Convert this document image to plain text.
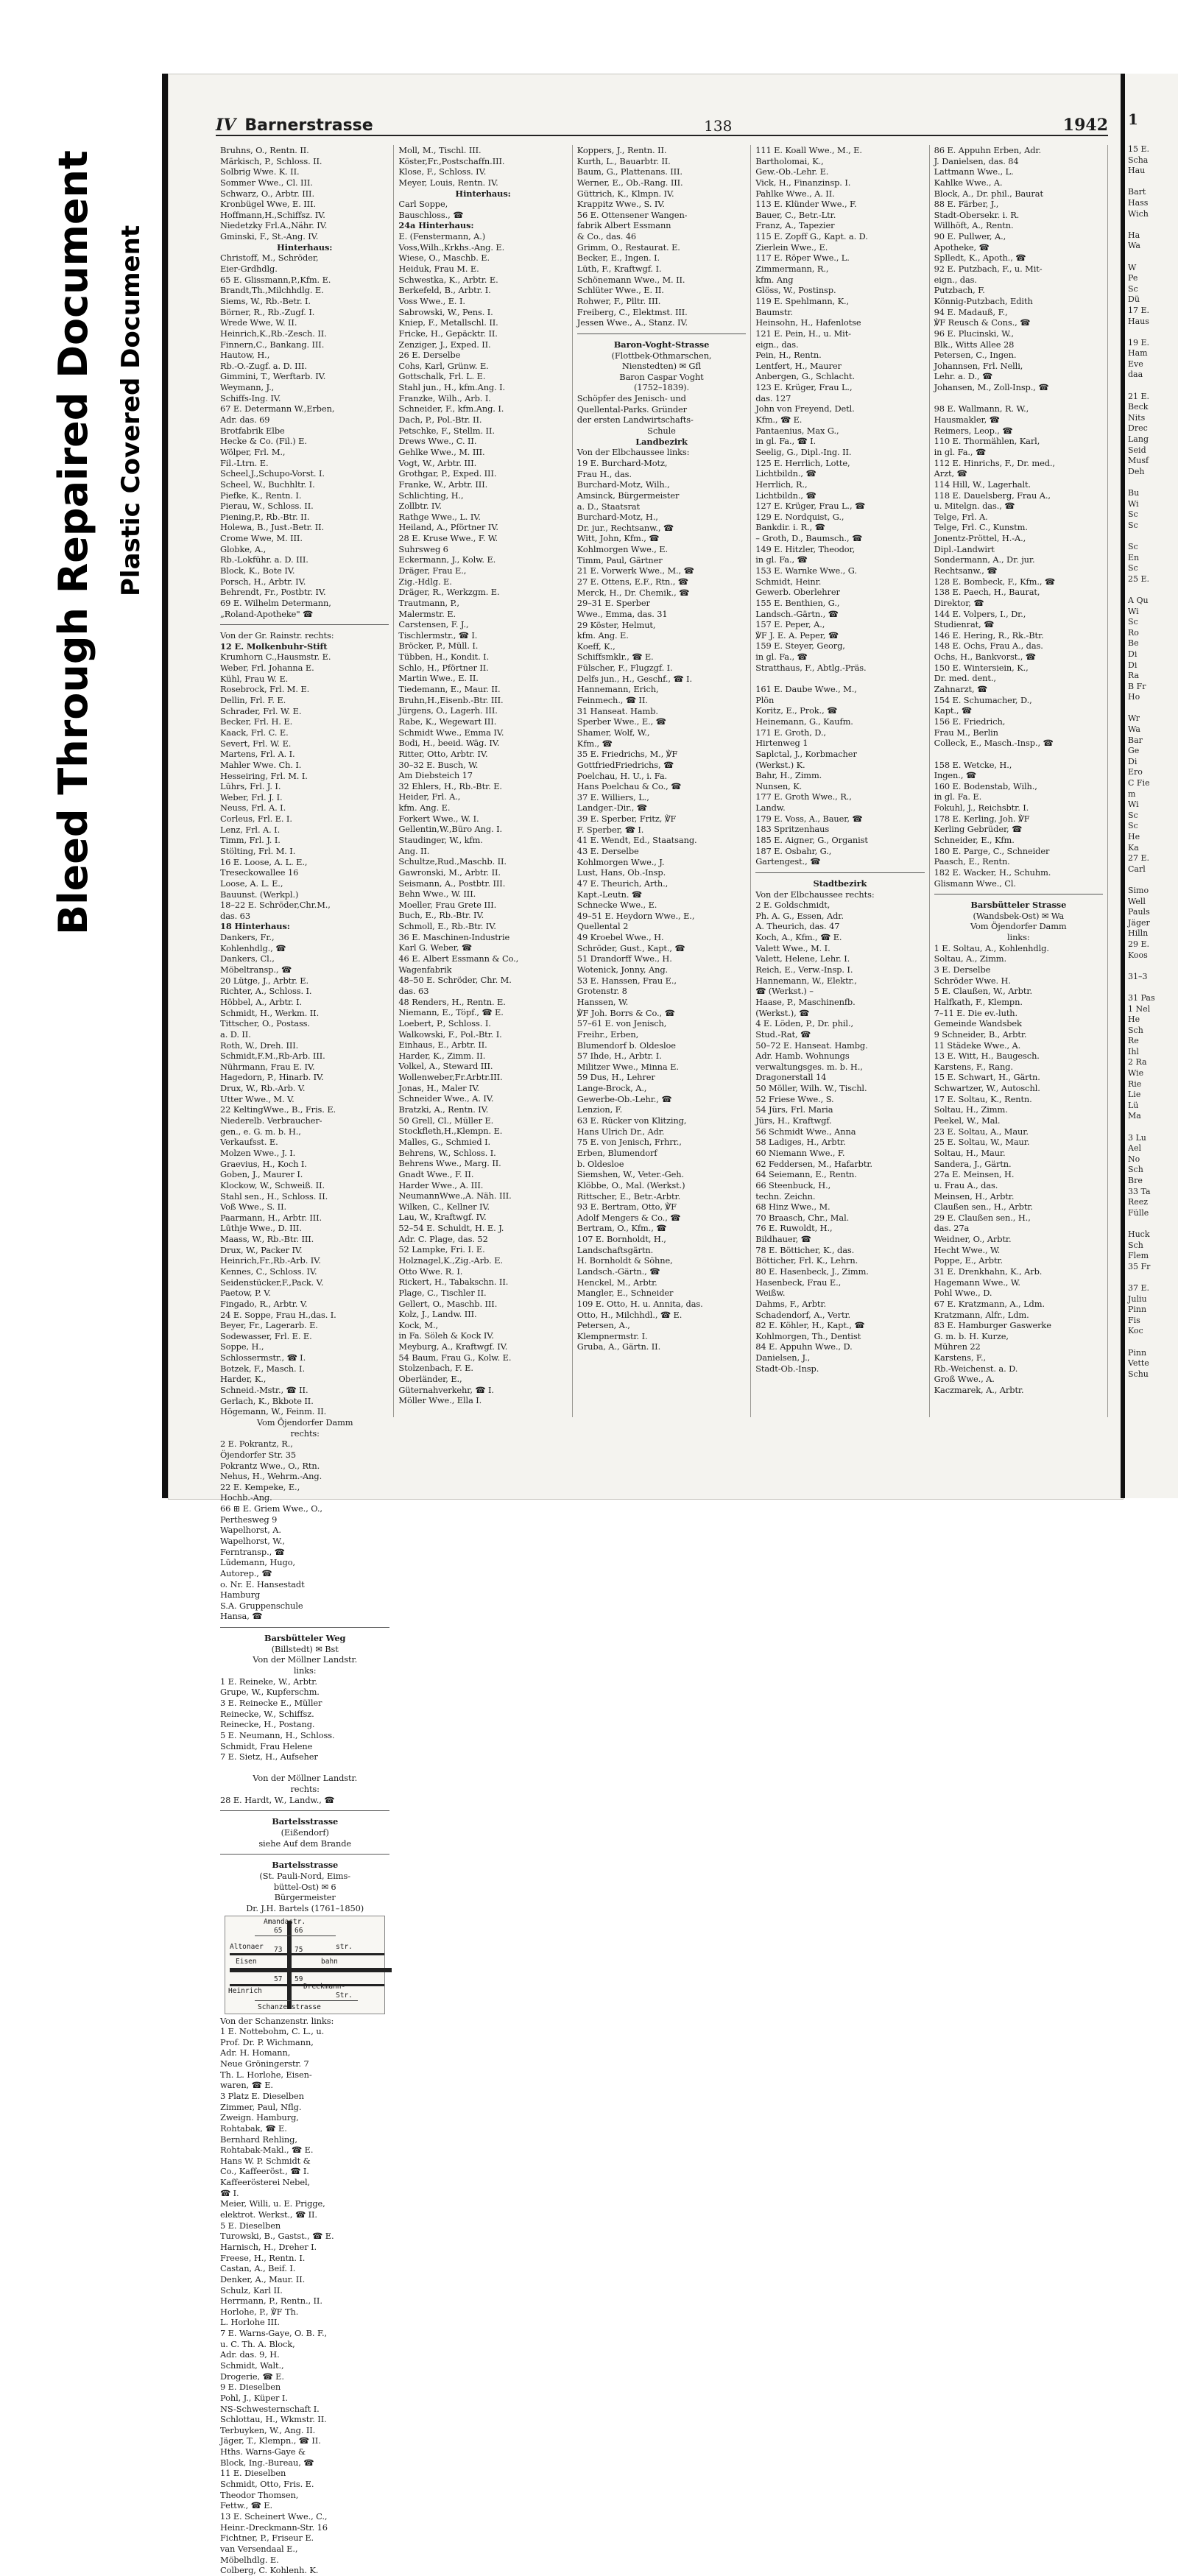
Bleed Through Repaired Document Plastic Covered Document
IV Barnerstrasse	138	1942
Bruhns, O., Rentn. II.
Märkisch, P., Schloss. II.
Solbrig Wwe. K. II.
Sommer Wwe., Cl. III.
Schwarz, O., Arbtr. III.
Kronbügel Wwe, E. III.
Hoffmann,H.,Schiffsz. IV.
Niedetzky Frl.A.,Nähr. IV.
Gminski, F., St.-Ang. IV.
Hinterhaus:
Christoff, M., Schröder,
Eier-Grdhdlg.
65 E. Glissmann,P.,Kfm. E.
Brandt,Th.,Milchhdlg. E.
Siems, W., Rb.-Betr. I.
Börner, R., Rb.-Zugf. I.
Wrede Wwe, W. II.
Heinrich,K.,Rb.-Zesch. II.
Finnern,C., Bankang. III.
Hautow, H.,
Rb.-O.-Zugf. a. D. III.
Gimmini, T., Werftarb. IV.
Weymann, J.,
Schiffs-Ing. IV.
67 E. Determann W.,Erben,
Adr. das. 69
Brotfabrik Elbe
Hecke & Co. (Fil.) E.
Wölper, Frl. M.,
Fil.-Ltrn. E.
Scheel,J.,Schupo-Vorst. I.
Scheel, W., Buchhltr. I.
Piefke, K., Rentn. I.
Pierau, W., Schloss. II.
Piening,P., Rb.-Btr. II.
Holewa, B., Just.-Betr. II.
Crome Wwe, M. III.
Globke, A.,
Rb.-Lokführ. a. D. III.
Block, K., Bote IV.
Porsch, H., Arbtr. IV.
Behrendt, Fr., Postbtr. IV.
69 E. Wilhelm Determann,
„Roland-Apotheke" ☎
Von der Gr. Rainstr. rechts:
12 E. Molkenbuhr-Stift
Krumhorn C.,Hausmstr. E.
Weber, Frl. Johanna E.
Kühl, Frau W. E.
Rosebrock, Frl. M. E.
Dellin, Frl. F. E.
Schrader, Frl. W. E.
Becker, Frl. H. E.
Kaack, Frl. C. E.
Severt, Frl. W. E.
Martens, Frl. A. I.
Mahler Wwe. Ch. I.
Hesseiring, Frl. M. I.
Lührs, Frl. J. I.
Weber, Frl. J. I.
Neuss, Frl. A. I.
Corleus, Frl. E. I.
Lenz, Frl. A. I.
Timm, Frl. J. I.
Stölting, Frl. M. I.
16 E. Loose, A. L. E.,
Treseckowallee 16
Loose, A. L. E.,
Bauunst. (Werkpl.)
18–22 E. Schröder,Chr.M.,
das. 63
18 Hinterhaus:
Dankers, Fr.,
Kohlenhdlg., ☎
Dankers, Cl.,
Möbeltransp., ☎
20 Lütge, J., Arbtr. E.
Richter, A., Schloss. I.
Höbbel, A., Arbtr. I.
Schmidt, H., Werkm. II.
Tittscher, O., Postass.
a. D. II.
Roth, W., Dreh. III.
Schmidt,F.M.,Rb-Arb. III.
Nührmann, Frau E. IV.
Hagedorn, P., Hinarb. IV.
Drux, W., Rb.-Arb. V.
Utter Wwe., M. V.
22 KeltingWwe., B., Fris. E.
Niederelb. Verbraucher-
gen., e. G. m. b. H.,
Verkaufsst. E.
Molzen Wwe., J. I.
Graevius, H., Koch I.
Goben, J., Maurer I.
Klockow, W., Schweiß. II.
Stahl sen., H., Schloss. II.
Voß Wwe., S. II.
Paarmann, H., Arbtr. III.
Lüthje Wwe., D. III.
Maass, W., Rb.-Btr. III.
Drux, W., Packer IV.
Heinrich,Fr.,Rb.-Arb. IV.
Kennes, C., Schloss. IV.
Seidenstücker,F.,Pack. V.
Paetow, P. V.
Fingado, R., Arbtr. V.
24 E. Soppe, Frau H.,das. I.
Beyer, Fr., Lagerarb. E.
Sodewasser, Frl. E. E.
Soppe, H.,
Schlossermstr., ☎ I.
Botzek, F., Masch. I.
Harder, K.,
Schneid.-Mstr., ☎ II.
Gerlach, K., Bkbote II.
Högemann, W., Feinm. II.
Moll, M., Tischl. III.
Köster,Fr.,Postschaffn.III.
Klose, F., Schloss. IV.
Meyer, Louis, Rentn. IV.
Hinterhaus:
Carl Soppe,
Bauschloss., ☎
24a Hinterhaus:
E. (Fenstermann, A.)
Voss,Wilh.,Krkhs.-Ang. E.
Wiese, O., Maschb. E.
Heiduk, Frau M. E.
Schwestka, K., Arbtr. E.
Berkefeld, B., Arbtr. I.
Voss Wwe., E. I.
Sabrowski, W., Pens. I.
Kniep, F., Metallschl. II.
Fricke, H., Gepäcktr. II.
Zenziger, J., Exped. II.
26 E. Derselbe
Cohs, Karl, Grünw. E.
Gottschalk, Frl. L. E.
Stahl jun., H., kfm.Ang. I.
Franzke, Wilh., Arb. I.
Schneider, F., kfm.Ang. I.
Dach, P., Pol.-Btr. II.
Petschke, F., Stellm. II.
Drews Wwe., C. II.
Gehlke Wwe., M. III.
Vogt, W., Arbtr. III.
Grothgar, P., Exped. III.
Franke, W., Arbtr. III.
Schlichting, H.,
Zollbtr. IV.
Rathge Wwe., L. IV.
Heiland, A., Pförtner IV.
28 E. Kruse Wwe., F. W.
Suhrsweg 6
Eckermann, J., Kolw. E.
Dräger, Frau E.,
Zig.-Hdlg. E.
Dräger, R., Werkzgm. E.
Trautmann, P.,
Malermstr. E.
Carstensen, F. J.,
Tischlermstr., ☎ I.
Bröcker, P., Müll. I.
Tübben, H., Kondit. I.
Schlo, H., Pförtner II.
Martin Wwe., E. II.
Tiedemann, E., Maur. II.
Bruhn,H.,Eisenb.-Btr. III.
Jürgens, O., Lagerh. III.
Rabe, K., Wegewart III.
Schmidt Wwe., Emma IV.
Bodi, H., beeid. Wäg. IV.
Ritter, Otto, Arbtr. IV.
30–32 E. Busch, W.
Am Diebsteich 17
32 Ehlers, H., Rb.-Btr. E.
Heider, Frl. A.,
kfm. Ang. E.
Forkert Wwe., W. I.
Gellentin,W.,Büro Ang. I.
Staudinger, W., kfm.
Ang. II.
Schultze,Rud.,Maschb. II.
Gawronski, M., Arbtr. II.
Seismann, A., Postbtr. III.
Behn Wwe., W. III.
Moeller, Frau Grete III.
Buch, E., Rb.-Btr. IV.
Schmoll, E., Rb.-Btr. IV.
36 E. Maschinen-Industrie
Karl G. Weber, ☎
46 E. Albert Essmann & Co.,
Wagenfabrik
48–50 E. Schröder, Chr. M.
das. 63
48 Renders, H., Rentn. E.
Niemann, E., Töpf., ☎ E.
Loebert, P., Schloss. I.
Walkowski, F., Pol.-Btr. I.
Einhaus, E., Arbtr. II.
Harder, K., Zimm. II.
Volkel, A., Steward III.
Wollenweber,Fr.Arbtr.III.
Jonas, H., Maler IV.
Schneider Wwe., A. IV.
Bratzki, A., Rentn. IV.
50 Grell, Cl., Müller E.
Stockfleth,H.,Klempn. E.
Malles, G., Schmied I.
Behrens, W., Schloss. I.
Behrens Wwe., Marg. II.
Gnadt Wwe., F. II.
Harder Wwe., A. III.
NeumannWwe.,A. Näh. III.
Wilken, C., Kellner IV.
Lau, W., Kraftwgf. IV.
52–54 E. Schuldt, H. E. J.
Adr. C. Plage, das. 52
52 Lampke, Fri. I. E.
Holznagel,K.,Zig.-Arb. E.
Otto Wwe. R. I.
Rickert, H., Tabakschn. II.
Plage, C., Tischler II.
Gellert, O., Maschb. III.
Kolz, J., Landw. III.
Kock, M.,
in Fa. Söleh & Kock IV.
Meyburg, A., Kraftwgf. IV.
54 Baum, Frau G., Kolw. E.
Stolzenbach, F. E.
Oberländer, E.,
Güternahverkehr, ☎ I.
Möller Wwe., Ella I.
Koppers, J., Rentn. II.
Kurth, L., Bauarbtr. II.
Baum, G., Plattenans. III.
Werner, E., Ob.-Rang. III.
Güttrich, K., Klmpn. IV.
Krappitz Wwe., S. IV.
56 E. Ottensener Wangen-
fabrik Albert Essmann
& Co., das. 46
Grimm, O., Restaurat. E.
Becker, E., Ingen. I.
Lüth, F., Kraftwgf. I.
Schönemann Wwe., M. II.
Schlüter Wwe., E. II.
Rohwer, F., Plltr. III.
Freiberg, C., Elektmst. III.
Jessen Wwe., A., Stanz. IV.
Baron-Voght-Strasse
(Flottbek-Othmarschen,
Nienstedten) ✉ Gfl
Baron Caspar Voght
(1752–1839).
Schöpfer des Jenisch- und
Quellental-Parks. Gründer
der ersten Landwirtschafts-
Schule
Landbezirk
Von der Elbchaussee links:
19 E. Burchard-Motz,
Frau H., das.
Burchard-Motz, Wilh.,
Amsinck, Bürgermeister
a. D., Staatsrat
Burchard-Motz, H.,
Dr. jur., Rechtsanw., ☎
Witt, John, Kfm., ☎
Kohlmorgen Wwe., E.
Timm, Paul, Gärtner
21 E. Vorwerk Wwe., M., ☎
27 E. Ottens, E.F., Rtn., ☎
Merck, H., Dr. Chemik., ☎
29–31 E. Sperber
Wwe., Emma, das. 31
29 Köster, Helmut,
kfm. Ang. E.
Koeff, K.,
Schiffsmklr., ☎ E.
Fülscher, F., Flugzgf. I.
Delfs jun., H., Geschf., ☎ I.
Hannemann, Erich,
Feinmech., ☎ II.
31 Hanseat. Hamb.
Sperber Wwe., E., ☎
Shamer, Wolf, W.,
Kfm., ☎
35 E. Friedrichs, M., ℣F
GottfriedFriedrichs, ☎
Poelchau, H. U., i. Fa.
Hans Poelchau & Co., ☎
37 E. Williers, L.,
Landger.-Dir., ☎
39 E. Sperber, Fritz, ℣F
F. Sperber, ☎ I.
41 E. Wendt, Ed., Staatsang.
43 E. Derselbe
Kohlmorgen Wwe., J.
Lust, Hans, Ob.-Insp.
47 E. Theurich, Arth.,
Kapt.-Leutn. ☎
Schnecke Wwe., E.
49–51 E. Heydorn Wwe., E.,
Quellental 2
49 Kroebel Wwe., H.
Schröder, Gust., Kapt., ☎
51 Drandorff Wwe., H.
Wotenick, Jonny, Ang.
53 E. Hanssen, Frau E.,
Grotenstr. 8
Hanssen, W.
℣F Joh. Borrs & Co., ☎
57–61 E. von Jenisch,
Freihr., Erben,
Blumendorf b. Oldesloe
57 Ihde, H., Arbtr. I.
Militzer Wwe., Minna E.
59 Dus, H., Lehrer
Lange-Brock, A.,
Gewerbe-Ob.-Lehr., ☎
Lenzion, F.
63 E. Rücker von Klitzing,
Hans Ulrich Dr., Adr.
75 E. von Jenisch, Frhrr.,
Erben, Blumendorf
b. Oldesloe
Siemshen, W., Veter.-Geh.
Klöbbe, O., Mal. (Werkst.)
Rittscher, E., Betr.-Arbtr.
93 E. Bertram, Otto, ℣F
Adolf Mengers & Co., ☎
Bertram, O., Kfm., ☎
107 E. Bornholdt, H.,
Landschaftsgärtn.
H. Bornholdt & Söhne,
Landsch.-Gärtn., ☎
Henckel, M., Arbtr.
Mangler, E., Schneider
109 E. Otto, H. u. Annita, das.
Otto, H., Milchhdl., ☎ E.
Petersen, A.,
Klempnermstr. I.
Gruba, A., Gärtn. II.
111 E. Koall Wwe., M., E.
Bartholomai, K.,
Gew.-Ob.-Lehr. E.
Vick, H., Finanzinsp. I.
Pahlke Wwe., A. II.
113 E. Klünder Wwe., F.
Bauer, C., Betr.-Ltr.
Franz, A., Tapezier
115 E. Zopff G., Kapt. a. D.
Zierlein Wwe., E.
117 E. Röper Wwe., L.
Zimmermann, R.,
kfm. Ang
Glöss, W., Postinsp.
119 E. Spehlmann, K.,
Baumstr.
Heinsohn, H., Hafenlotse
121 E. Pein, H., u. Mit-
eign., das.
Pein, H., Rentn.
Lentfert, H., Maurer
Anbergen, G., Schlacht.
123 E. Krüger, Frau L.,
das. 127
John von Freyend, Detl.
Kfm., ☎ E.
Pantaenius, Max G.,
in gl. Fa., ☎ I.
Seelig, G., Dipl.-Ing. II.
125 E. Herrlich, Lotte,
Lichtbildn., ☎
Herrlich, R.,
Lichtbildn., ☎
127 E. Krüger, Frau L., ☎
129 E. Nordquist, G.,
Bankdir. i. R., ☎
– Groth, D., Baumsch., ☎
149 E. Hitzler, Theodor,
in gl. Fa., ☎
153 E. Warnke Wwe., G.
Schmidt, Heinr.
Gewerb. Oberlehrer
155 E. Benthien, G.,
Landsch.-Gärtn., ☎
157 E. Peper, A.,
℣F J. E. A. Peper, ☎
159 E. Steyer, Georg,
in gl. Fa., ☎
Stratthaus, F., Abtlg.-Präs.
161 E. Daube Wwe., M.,
Plön
Koritz, E., Prok., ☎
Heinemann, G., Kaufm.
171 E. Groth, D.,
Hirtenweg 1
Saplctal, J., Korbmacher
(Werkst.) K.
Bahr, H., Zimm.
Nunsen, K.
177 E. Groth Wwe., R.,
Landw.
179 E. Voss, A., Bauer, ☎
183 Spritzenhaus
185 E. Aigner, G., Organist
187 E. Osbahr, G.,
Gartengest., ☎
Stadtbezirk
Von der Elbchaussee rechts:
2 E. Goldschmidt,
Ph. A. G., Essen, Adr.
A. Theurich, das. 47
Koch, A., Kfm., ☎ E.
Valett Wwe., M. I.
Valett, Helene, Lehr. I.
Reich, E., Verw.-Insp. I.
Hannemann, W., Elektr.,
☎ (Werkst.) –
Haase, P., Maschinenfb.
(Werkst.), ☎
4 E. Löden, P., Dr. phil.,
Stud.-Rat, ☎
50–72 E. Hanseat. Hambg.
Adr. Hamb. Wohnungs
verwaltungsges. m. b. H.,
Dragonerstall 14
50 Möller, Wilh. W., Tischl.
52 Friese Wwe., S.
54 Jürs, Frl. Maria
Jürs, H., Kraftwgf.
56 Schmidt Wwe., Anna
58 Ladiges, H., Arbtr.
60 Niemann Wwe., F.
62 Feddersen, M., Hafarbtr.
64 Seiemann, E., Rentn.
66 Steenbuck, H.,
techn. Zeichn.
68 Hinz Wwe., M.
70 Braasch, Chr., Mal.
76 E. Ruwoldt, H.,
Bildhauer, ☎
78 E. Bötticher, K., das.
Bötticher, Frl. K., Lehrn.
80 E. Hasenbeck, J., Zimm.
Hasenbeck, Frau E.,
Weißw.
Dahms, F., Arbtr.
Schadendorf, A., Vertr.
82 E. Köhler, H., Kapt., ☎
Kohlmorgen, Th., Dentist
84 E. Appuhn Wwe., D.
Danielsen, J.,
Stadt-Ob.-Insp.
86 E. Appuhn Erben, Adr.
J. Danielsen, das. 84
Lattmann Wwe., L.
Kahlke Wwe., A.
Block, A., Dr. phil., Baurat
88 E. Färber, J.,
Stadt-Obersekr. i. R.
Willhöft, A., Rentn.
90 E. Pullwer, A.,
Apotheke, ☎
Splledt, K., Apoth., ☎
92 E. Putzbach, F., u. Mit-
eign., das.
Putzbach, F.
Könnig-Putzbach, Edith
94 E. Madauß, F.,
℣F Reusch & Cons., ☎
96 E. Plucinski, W.,
Blk., Witts Allee 28
Petersen, C., Ingen.
Johannsen, Frl. Nelli,
Lehr. a. D., ☎
Johansen, M., Zoll-Insp., ☎
98 E. Wallmann, R. W.,
Hausmakler, ☎
Reimers, Leop., ☎
110 E. Thormählen, Karl,
in gl. Fa., ☎
112 E. Hinrichs, F., Dr. med.,
Arzt, ☎
114 Hill, W., Lagerhalt.
118 E. Dauelsberg, Frau A.,
u. Mitelgn. das., ☎
Telge, Frl. A.
Telge, Frl. C., Kunstm.
Jonentz-Pröttel, H.-A.,
Dipl.-Landwirt
Sondermann, A., Dr. jur.
Rechtsanw., ☎
128 E. Bombeck, F., Kfm., ☎
138 E. Paech, H., Baurat,
Direktor, ☎
144 E. Volpers, I., Dr.,
Studienrat, ☎
146 E. Hering, R., Rk.-Btr.
148 E. Ochs, Frau A., das.
Ochs, H., Bankvorst., ☎
150 E. Wintersiein, K.,
Dr. med. dent.,
Zahnarzt, ☎
154 E. Schumacher, D.,
Kapt., ☎
156 E. Friedrich,
Frau M., Berlin
Colleck, E., Masch.-Insp., ☎
158 E. Wetcke, H.,
Ingen., ☎
160 E. Bodenstab, Wilh.,
in gl. Fa. E.
Fokuhl, J., Reichsbtr. I.
178 E. Kerling, Joh. ℣F
Kerling Gebrüder, ☎
Schneider, E., Kfm.
180 E. Parge, C., Schneider
Paasch, E., Rentn.
182 E. Wacker, H., Schuhm.
Glismann Wwe., Cl.
Barsbütteler Strasse
(Wandsbek-Ost) ✉ Wa
Vom Öjendorfer Damm
links:
1 E. Soltau, A., Kohlenhdlg.
Soltau, A., Zimm.
3 E. Derselbe
Schröder Wwe. H.
5 E. Claußen, W., Arbtr.
Halfkath, F., Klempn.
7–11 E. Die ev.-luth.
Gemeinde Wandsbek
9 Schneider, B., Arbtr.
11 Städeke Wwe., A.
13 E. Witt, H., Baugesch.
Karstens, F., Rang.
15 E. Schwart, H., Gärtn.
Schwartzer, W., Autoschl.
17 E. Soltau, K., Rentn.
Soltau, H., Zimm.
Peekel, W., Mal.
23 E. Soltau, A., Maur.
25 E. Soltau, W., Maur.
Soltau, H., Maur.
Sandera, J., Gärtn.
27a E. Meinsen, H.
u. Frau A., das.
Meinsen, H., Arbtr.
Claußen sen., H., Arbtr.
29 E. Claußen sen., H.,
das. 27a
Weidner, O., Arbtr.
Hecht Wwe., W.
Poppe, E., Arbtr.
31 E. Drenkhahn, K., Arb.
Hagemann Wwe., W.
Pohl Wwe., D.
67 E. Kratzmann, A., Ldm.
Kratzmann, Alfr., Ldm.
83 E. Hamburger Gaswerke
G. m. b. H. Kurze,
Mühren 22
Karstens, F.,
Rb.-Weichenst. a. D.
Groß Wwe., A.
Kaczmarek, A., Arbtr.
Vom Öjendorfer Damm
rechts:
2 E. Pokrantz, R.,
Öjendorfer Str. 35
Pokrantz Wwe., O., Rtn.
Nehus, H., Wehrm.-Ang.
22 E. Kempeke, E.,
Hochb.-Ang.
66 ⊞ E. Griem Wwe., O.,
Perthesweg 9
Wapelhorst, A.
Wapelhorst, W.,
Ferntransp., ☎
Lüdemann, Hugo,
Autorep., ☎
o. Nr. E. Hansestadt
Hamburg
S.A. Gruppenschule
Hansa, ☎
Barsbütteler Weg
(Billstedt) ✉ Bst
Von der Möllner Landstr.
links:
1 E. Reineke, W., Arbtr.
Grupe, W., Kupferschm.
3 E. Reinecke E., Müller
Reinecke, W., Schiffsz.
Reinecke, H., Postang.
5 E. Neumann, H., Schloss.
Schmidt, Frau Helene
7 E. Sietz, H., Aufseher
Von der Möllner Landstr.
rechts:
28 E. Hardt, W., Landw., ☎
Bartelsstrasse
(Eißendorf)
siehe Auf dem Brande
Bartelsstrasse
(St. Pauli-Nord, Eims-
büttel-Ost) ✉ 6
Bürgermeister
Dr. J.H. Bartels (1761–1850)
Amandastr.
Altonaer	str.
Eisen	bahn
Heinrich
Dreckmann-
Str.
Schanzenstrasse
65 66
73 75
57 59
Von der Schanzenstr. links:
1 E. Nottebohm, C. L., u.
Prof. Dr. P. Wichmann,
Adr. H. Homann,
Neue Gröningerstr. 7
Th. L. Horlohe, Eisen-
waren, ☎ E.
3 Platz E. Dieselben
Zimmer, Paul, Nflg.
Zweign. Hamburg,
Rohtabak, ☎ E.
Bernhard Rehling,
Rohtabak-Makl., ☎ E.
Hans W. P. Schmidt &
Co., Kaffeeröst., ☎ I.
Kaffeerösterei Nebel,
☎ I.
Meier, Willi, u. E. Prigge,
elektrot. Werkst., ☎ II.
5 E. Dieselben
Turowski, B., Gastst., ☎ E.
Harnisch, H., Dreher I.
Freese, H., Rentn. I.
Castan, A., Beif. I.
Denker, A., Maur. II.
Schulz, Karl II.
Herrmann, P., Rentn., II.
Horlohe, P., ℣F Th.
L. Horlohe III.
7 E. Warns-Gaye, O. B. F.,
u. C. Th. A. Block,
Adr. das. 9, H.
Schmidt, Walt.,
Drogerie, ☎ E.
9 E. Dieselben
Pohl, J., Küper I.
NS-Schwesternschaft I.
Schlottau, H., Wkmstr. II.
Terbuyken, W., Ang. II.
Jäger, T., Klempn., ☎ II.
Hths. Warns-Gaye &
Block, Ing.-Bureau, ☎
11 E. Dieselben
Schmidt, Otto, Fris. E.
Theodor Thomsen,
Fettw., ☎ E.
13 E. Scheinert Wwe., C.,
Heinr.-Dreckmann-Str. 16
Fichtner, P., Friseur E.
van Versendaal E.,
Möbelhdlg. E.
Colberg, C. Kohlenh. K.
1
15 E.
Scha
Hau

Bart
Hass
Wich

Ha
Wa

W
Pe
Sc
Dü
17 E.
Haus

19 E.
Ham
Eve
daa

21 E.
Beck
Nits
Drec
Lang
Seid
Musf
Deh

Bu
Wi
Sc
Sc

Sc
En
Sc
25 E.

A Qu
Wi
Sc
Ro
Be
Di
Di
Ra
B Fr
Ho

Wr
Wa
Bar
Ge
Di
Ero
C Fie
m
Wi
Sc
Sc
He
Ka
27 E.
Carl

Simo
Well
Pauls
Jäger
Hilln
29 E.
Koos

31–3

31 Pas
1 Nel
He
Sch
Re
Ihl
2 Ra
Wie
Rie
Lie
Lü
Ma

3 Lu
Ael
No
Sch
Bre
33 Ta
Reez
Fülle

Huck
Sch
Flem
35 Fr

37 E.
Juliu
Pinn
Fis
Koc

Pinn
Vette
Schu
